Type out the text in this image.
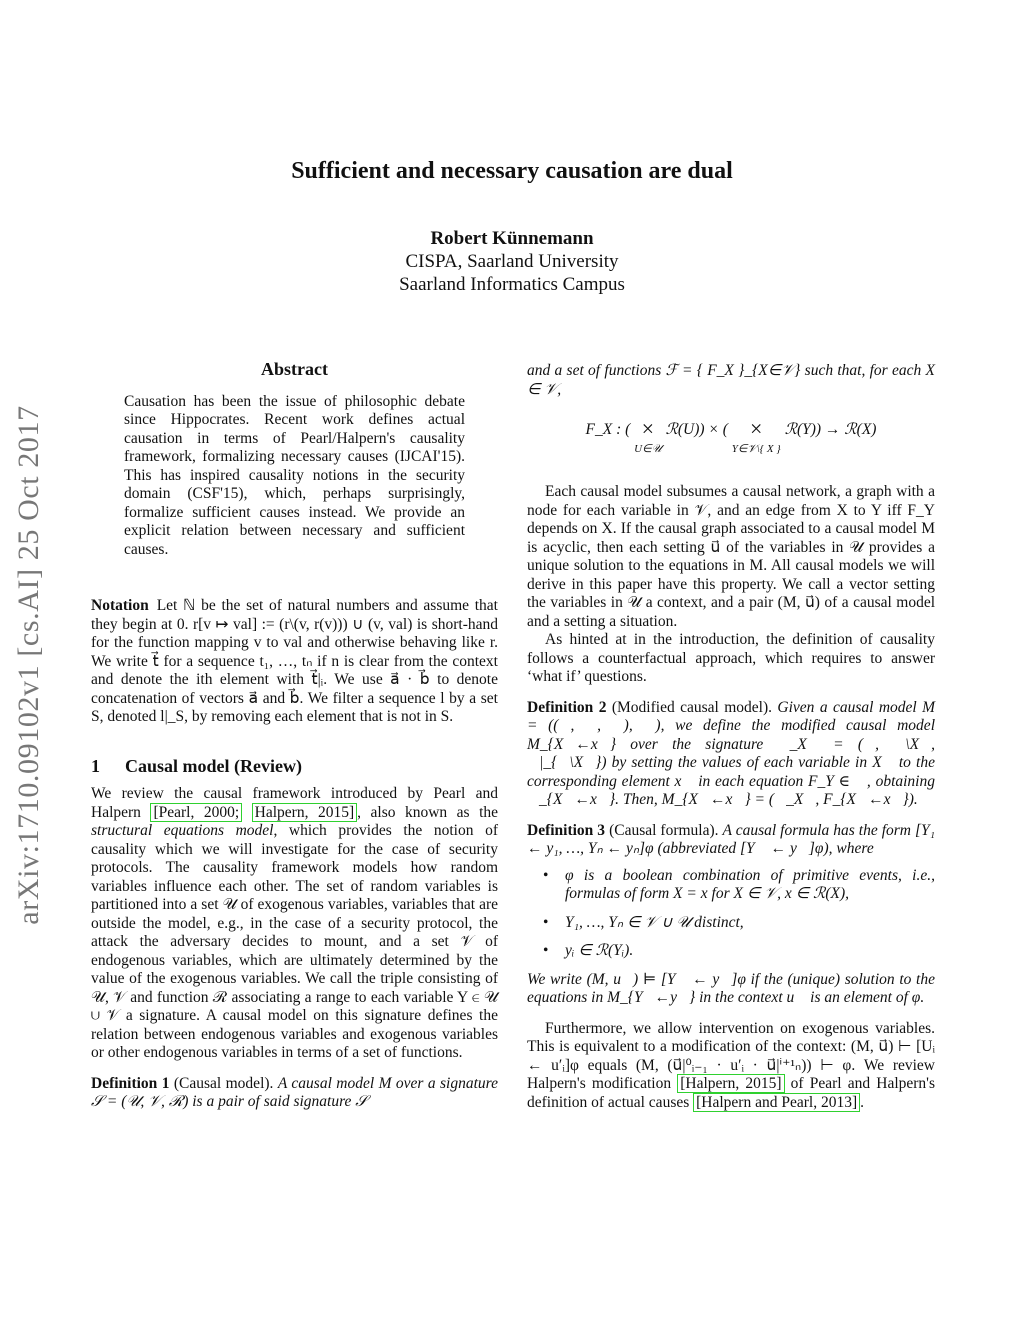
arXiv:1710.09102v1 [cs.AI] 25 Oct 2017
Sufficient and necessary causation are dual
Robert Künnemann
CISPA, Saarland University
Saarland Informatics Campus
Abstract

Causation has been the issue of philosophic debate since Hippocrates. Recent work defines actual causation in terms of Pearl/Halpern's causality framework, formalizing necessary causes (IJCAI'15). This has inspired causality notions in the security domain (CSF'15), which, perhaps surprisingly, formalize sufficient causes instead. We provide an explicit relation between necessary and sufficient causes.

Notation Let ℕ be the set of natural numbers and assume that they begin at 0. r[v ↦ val] := (r\(v, r(v))) ∪ (v, val) is short-hand for the function mapping v to val and otherwise behaving like r. We write t⃗ for a sequence t₁, …, tₙ if n is clear from the context and denote the ith element with t⃗|ᵢ. We use a⃗ · b⃗ to denote concatenation of vectors a⃗ and b⃗. We filter a sequence l by a set S, denoted l|_S, by removing each element that is not in S.

1 Causal model (Review)

We review the causal framework introduced by Pearl and Halpern [Pearl, 2000; Halpern, 2015] , also known as the structural equations model, which provides the notion of causality which we will investigate for the case of security protocols. The causality framework models how random variables influence each other. The set of random variables is partitioned into a set 𝒰 of exogenous variables, variables that are outside the model, e.g., in the case of a security protocol, the attack the adversary decides to mount, and a set 𝒱 of endogenous variables, which are ultimately determined by the value of the exogenous variables. We call the triple consisting of 𝒰, 𝒱 and function ℛ associating a range to each variable Y ∈ 𝒰 ∪ 𝒱 a signature. A causal model on this signature defines the relation between endogenous variables and exogenous variables or other endogenous variables in terms of a set of functions.

Definition 1 (Causal model). A causal model M over a signature 𝒮 = (𝒰, 𝒱, ℛ) is a pair of said signature 𝒮

and a set of functions ℱ = { F_X }_{X∈𝒱} such that, for each X ∈ 𝒱,

F_X : ( ×
U∈𝒰 ℛ(U)) × ( ×
Y∈𝒱\{ X } ℛ(Y)) → ℛ(X)

Each causal model subsumes a causal network, a graph with a node for each variable in 𝒱, and an edge from X to Y iff F_Y depends on X. If the causal graph associated to a causal model M is acyclic, then each setting u⃗ of the variables in 𝒰 provides a unique solution to the equations in M. All causal models we will derive in this paper have this property. We call a vector setting the variables in 𝒰 a context, and a pair (M, u⃗) of a causal model and a setting a situation.

As hinted at in the introduction, the definition of causality follows a counterfactual approach, which requires to answer ‘what if’ questions.

Definition 2 (Modified causal model). Given a causal model M = ((𝒰, 𝒱, ℛ), ℱ), we define the modified causal model M_{X⃗←x⃗} over the signature 𝒮_X⃗ = (𝒰, 𝒱\X⃗, ℛ|_{𝒱\X⃗}) by setting the values of each variable in X⃗ to the corresponding element x⃗ in each equation F_Y ∈ ℱ, obtaining ℱ_{X⃗←x⃗}. Then, M_{X⃗←x⃗} = (𝒮_X⃗, F_{X⃗←x⃗}).

Definition 3 (Causal formula). A causal formula has the form [Y₁ ← y₁, …, Yₙ ← yₙ]φ (abbreviated [Y⃗ ← y⃗]φ), where

• φ is a boolean combination of primitive events, i.e., formulas of form X = x for X ∈ 𝒱, x ∈ ℛ(X),
• Y₁, …, Yₙ ∈ 𝒱 ∪ 𝒰 distinct,
• yᵢ ∈ ℛ(Yᵢ).

We write (M, u⃗) ⊨ [Y⃗ ← y⃗]φ if the (unique) solution to the equations in M_{Y⃗←y⃗} in the context u⃗ is an element of φ.

Furthermore, we allow intervention on exogenous variables. This is equivalent to a modification of the context: (M, u⃗) ⊢ [Uᵢ ← u′ᵢ]φ equals (M, (u⃗|⁰ᵢ₋₁ · u′ᵢ · u⃗|ⁱ⁺¹ₙ)) ⊢ φ. We review Halpern's modification [Halpern, 2015] of Pearl and Halpern's definition of actual causes [Halpern and Pearl, 2013] .
